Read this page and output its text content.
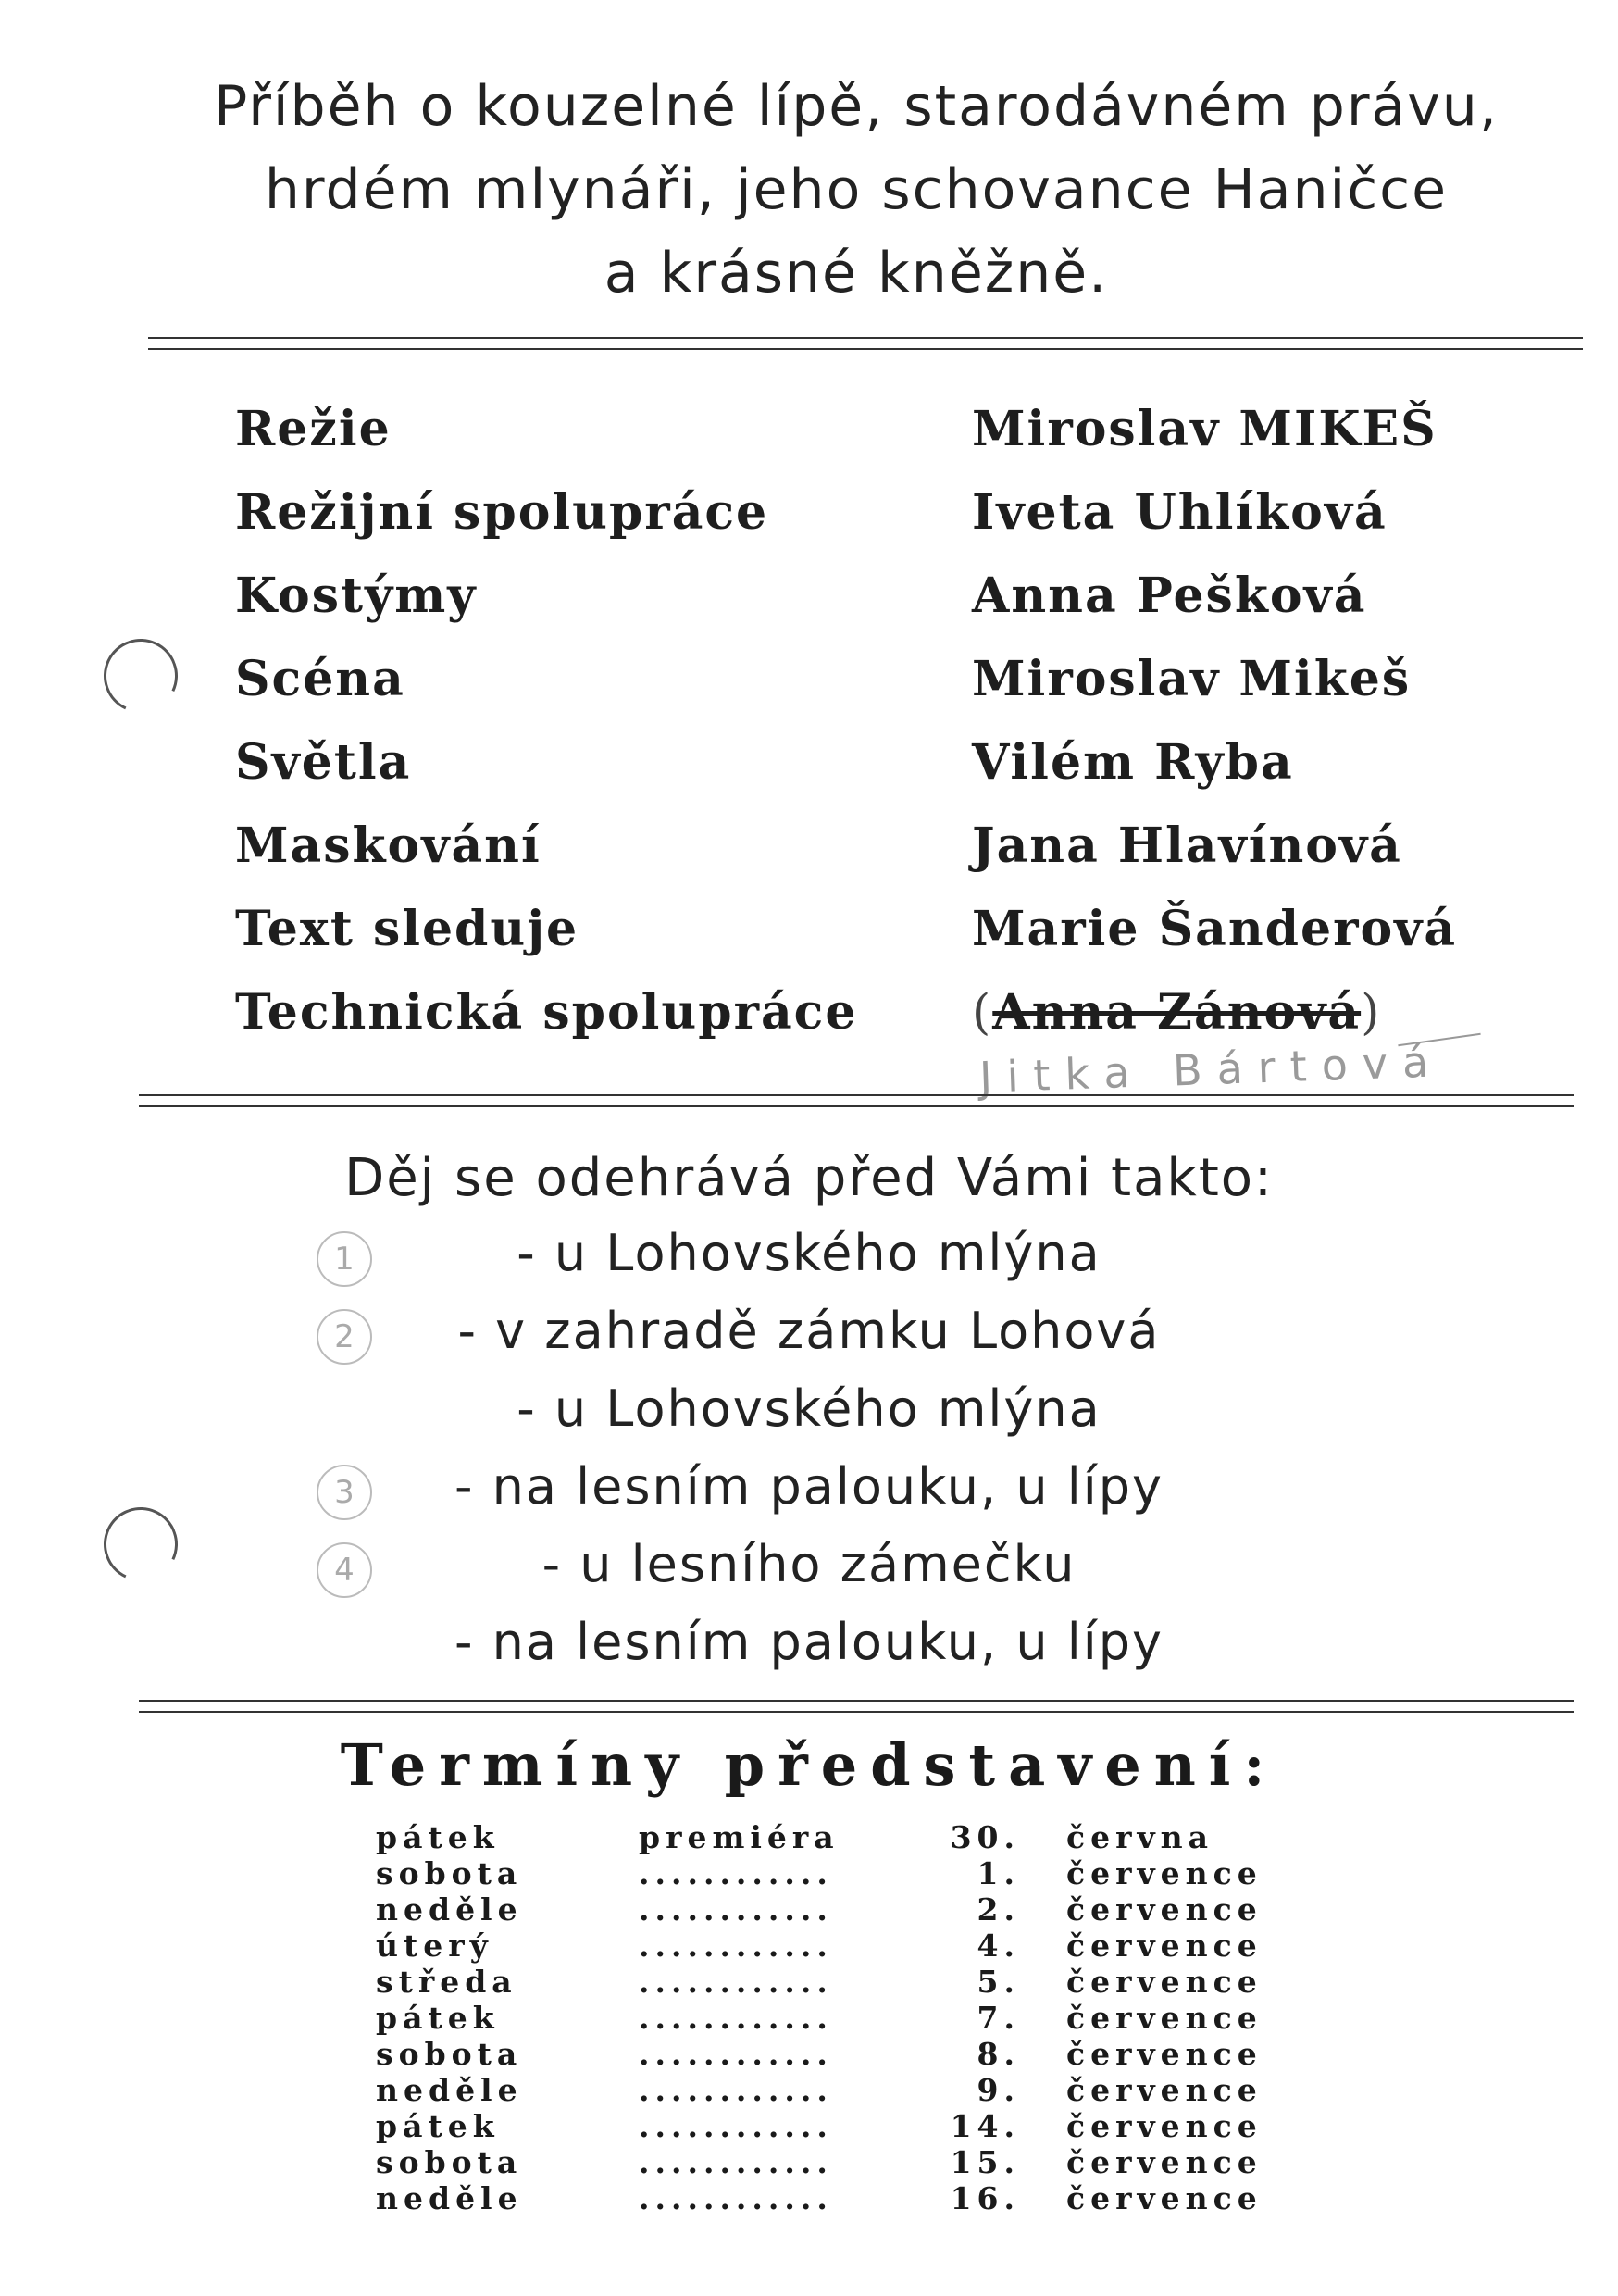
Příběh o kouzelné lípě, starodávném právu,
hrdém mlynáři, jeho schovance Haničce
a krásné kněžně.
Režie	Miroslav MIKEŠ
Režijní spolupráce	Iveta Uhlíková
Kostýmy	Anna Pešková
Scéna	Miroslav Mikeš
Světla	Vilém Ryba
Maskování	Jana Hlavínová
Text sleduje	Marie Šanderová
Technická spolupráce (Anna Zánová)
Jitka Bártová
Děj se odehrává před Vámi takto:
- u Lohovského mlýna
- v zahradě zámku Lohová
- u Lohovského mlýna
- na lesním palouku, u lípy
- u lesního zámečku
- na lesním palouku, u lípy
1
2
3
4
Termíny představení:
pátek	premiéra	30. června
sobota	............	1. července
neděle	............	2. července
úterý	............	4. července
středa	............	5. července
pátek	............	7. července
sobota	............	8. července
neděle	............	9. července
pátek	............	14. července
sobota	............	15. července
neděle	............	16. července
